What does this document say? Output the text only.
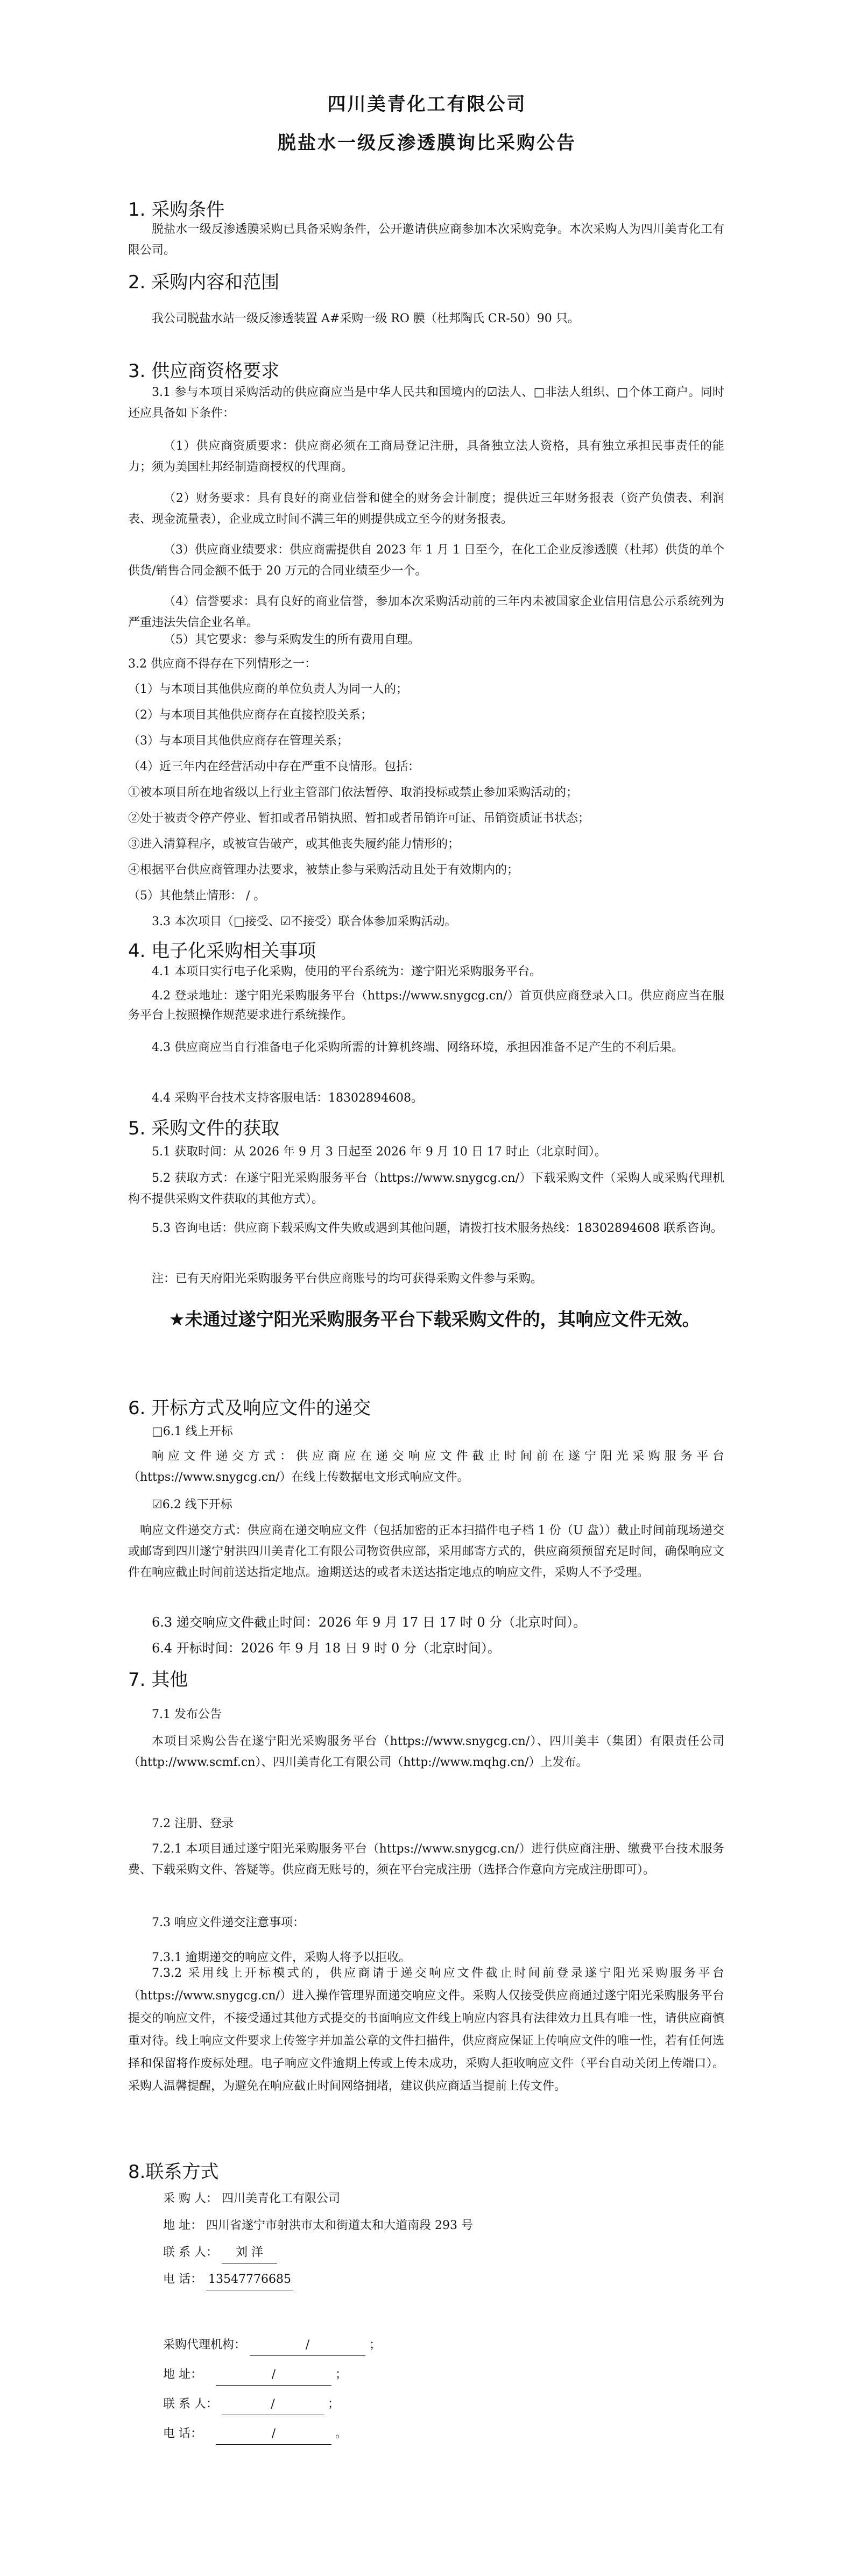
四川美青化工有限公司
脱盐水一级反渗透膜询比采购公告
1. 采购条件
脱盐水一级反渗透膜采购已具备采购条件，公开邀请供应商参加本次采购竞争。本次采购人为四川美青化工有限公司。
2. 采购内容和范围
我公司脱盐水站一级反渗透装置 A#采购一级 RO 膜（杜邦陶氏 CR-50）90 只。
3. 供应商资格要求
3.1 参与本项目采购活动的供应商应当是中华人民共和国境内的☑法人、□非法人组织、□个体工商户。同时还应具备如下条件：
（1）供应商资质要求：供应商必须在工商局登记注册，具备独立法人资格，具有独立承担民事责任的能力；须为美国杜邦经制造商授权的代理商。
（2）财务要求：具有良好的商业信誉和健全的财务会计制度；提供近三年财务报表（资产负债表、利润表、现金流量表），企业成立时间不满三年的则提供成立至今的财务报表。
（3）供应商业绩要求：供应商需提供自 2023 年 1 月 1 日至今，在化工企业反渗透膜（杜邦）供货的单个供货/销售合同金额不低于 20 万元的合同业绩至少一个。
（4）信誉要求：具有良好的商业信誉，参加本次采购活动前的三年内未被国家企业信用信息公示系统列为严重违法失信企业名单。
（5）其它要求：参与采购发生的所有费用自理。
3.2 供应商不得存在下列情形之一：
（1）与本项目其他供应商的单位负责人为同一人的；
（2）与本项目其他供应商存在直接控股关系；
（3）与本项目其他供应商存在管理关系；
（4）近三年内在经营活动中存在严重不良情形。包括：
①被本项目所在地省级以上行业主管部门依法暂停、取消投标或禁止参加采购活动的；
②处于被责令停产停业、暂扣或者吊销执照、暂扣或者吊销许可证、吊销资质证书状态；
③进入清算程序，或被宣告破产，或其他丧失履约能力情形的；
④根据平台供应商管理办法要求，被禁止参与采购活动且处于有效期内的；
（5）其他禁止情形： / 。
3.3 本次项目（□接受、☑不接受）联合体参加采购活动。
4. 电子化采购相关事项
4.1 本项目实行电子化采购，使用的平台系统为：遂宁阳光采购服务平台。
4.2 登录地址：遂宁阳光采购服务平台（https://www.snygcg.cn/）首页供应商登录入口。供应商应当在服务平台上按照操作规范要求进行系统操作。
4.3 供应商应当自行准备电子化采购所需的计算机终端、网络环境，承担因准备不足产生的不利后果。
4.4 采购平台技术支持客服电话：18302894608。
5. 采购文件的获取
5.1 获取时间：从 2026 年 9 月 3 日起至 2026 年 9 月 10 日 17 时止（北京时间）。
5.2 获取方式：在遂宁阳光采购服务平台（https://www.snygcg.cn/）下载采购文件（采购人或采购代理机构不提供采购文件获取的其他方式）。
5.3 咨询电话：供应商下载采购文件失败或遇到其他问题，请拨打技术服务热线：18302894608 联系咨询。
注：已有天府阳光采购服务平台供应商账号的均可获得采购文件参与采购。
★未通过遂宁阳光采购服务平台下载采购文件的，其响应文件无效。
6. 开标方式及响应文件的递交
□6.1 线上开标
响应文件递交方式：供应商应在递交响应文件截止时间前在遂宁阳光采购服务平台（https://www.snygcg.cn/）在线上传数据电文形式响应文件。
☑6.2 线下开标
响应文件递交方式：供应商在递交响应文件（包括加密的正本扫描件电子档 1 份（U 盘））截止时间前现场递交或邮寄到四川遂宁射洪四川美青化工有限公司物资供应部，采用邮寄方式的，供应商须预留充足时间，确保响应文件在响应截止时间前送达指定地点。逾期送达的或者未送达指定地点的响应文件，采购人不予受理。
6.3 递交响应文件截止时间：2026 年 9 月 17 日 17 时 0 分（北京时间）。
6.4 开标时间：2026 年 9 月 18 日 9 时 0 分（北京时间）。
7. 其他
7.1 发布公告
本项目采购公告在遂宁阳光采购服务平台（https://www.snygcg.cn/）、四川美丰（集团）有限责任公司（http://www.scmf.cn）、四川美青化工有限公司（http://www.mqhg.cn/）上发布。
7.2 注册、登录
7.2.1 本项目通过遂宁阳光采购服务平台（https://www.snygcg.cn/）进行供应商注册、缴费平台技术服务费、下载采购文件、答疑等。供应商无账号的，须在平台完成注册（选择合作意向方完成注册即可）。
7.3 响应文件递交注意事项：
7.3.1 逾期递交的响应文件，采购人将予以拒收。
7.3.2 采用线上开标模式的，供应商请于递交响应文件截止时间前登录遂宁阳光采购服务平台（https://www.snygcg.cn/）进入操作管理界面递交响应文件。采购人仅接受供应商通过遂宁阳光采购服务平台提交的响应文件，不接受通过其他方式提交的书面响应文件线上响应内容具有法律效力且具有唯一性，请供应商慎重对待。线上响应文件要求上传签字并加盖公章的文件扫描件，供应商应保证上传响应文件的唯一性，若有任何选择和保留将作废标处理。电子响应文件逾期上传或上传未成功，采购人拒收响应文件（平台自动关闭上传端口）。采购人温馨提醒，为避免在响应截止时间网络拥堵，建议供应商适当提前上传文件。
8.联系方式
采 购 人： 四川美青化工有限公司
地 址： 四川省遂宁市射洪市太和街道太和大道南段 293 号
联 系 人： 刘 洋
电 话： 13547776685
采购代理机构：	/	；
地 址：	/	；
联 系 人：	/	；
电 话：	/	。
